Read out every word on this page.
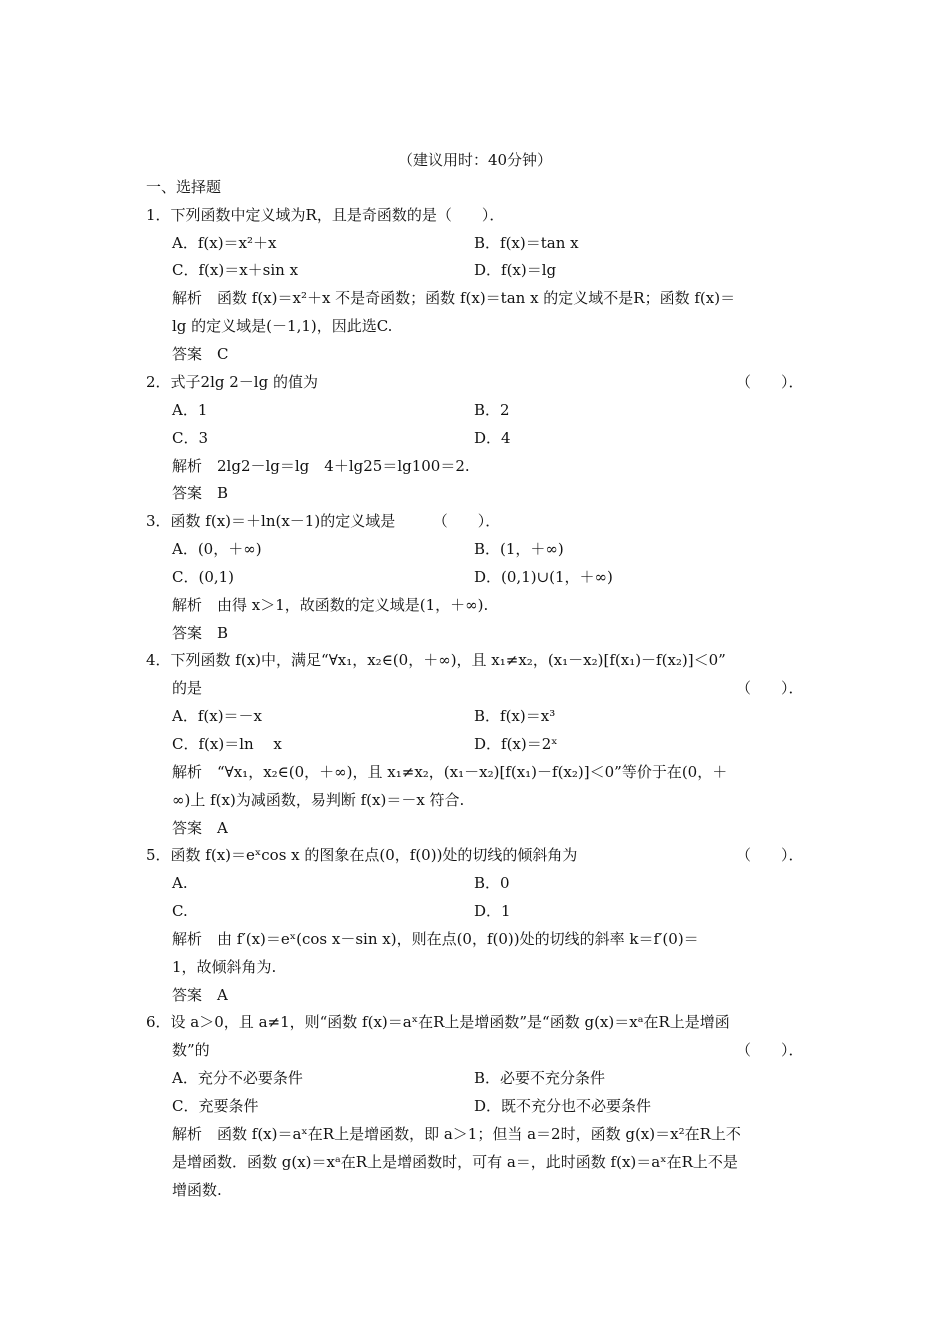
（建议用时：40分钟）
一、选择题
1．下列函数中定义域为R，且是奇函数的是（　　）．
A．f(x)＝x²＋x	B．f(x)＝tan x
C．f(x)＝x＋sin x	D．f(x)＝lg
解析　函数 f(x)＝x²＋x 不是奇函数；函数 f(x)＝tan x 的定义域不是R；函数 f(x)＝
lg 的定义域是(－1,1)，因此选C.
答案　C
2．式子2lg 2－lg 的值为	（　　）．
A．1	B．2
C．3	D．4
解析　2lg2－lg＝lg　4＋lg25＝lg100＝2.
答案　B
3．函数 f(x)＝＋ln(x－1)的定义域是　　　（　　）．
A．(0，＋∞)	B．(1，＋∞)
C．(0,1)	D．(0,1)∪(1，＋∞)
解析　由得 x＞1，故函数的定义域是(1，＋∞).
答案　B
4．下列函数 f(x)中，满足“∀x₁，x₂∈(0，＋∞)，且 x₁≠x₂，(x₁－x₂)[f(x₁)－f(x₂)]＜0”
的是	（　　）．
A．f(x)＝－x	B．f(x)＝x³
C．f(x)＝ln　 x	D．f(x)＝2ˣ
解析　“∀x₁，x₂∈(0，＋∞)，且 x₁≠x₂，(x₁－x₂)[f(x₁)－f(x₂)]＜0”等价于在(0，＋
∞)上 f(x)为减函数，易判断 f(x)＝－x 符合.
答案　A
5．函数 f(x)＝eˣcos x 的图象在点(0，f(0))处的切线的倾斜角为	（　　）．
A.	B．0
C.	D．1
解析　由 f′(x)＝eˣ(cos x－sin x)，则在点(0，f(0))处的切线的斜率 k＝f′(0)＝
1，故倾斜角为.
答案　A
6．设 a＞0，且 a≠1，则“函数 f(x)＝aˣ在R上是增函数”是“函数 g(x)＝xᵃ在R上是增函
数”的	（　　）．
A．充分不必要条件	B．必要不充分条件
C．充要条件	D．既不充分也不必要条件
解析　函数 f(x)＝aˣ在R上是增函数，即 a＞1；但当 a＝2时，函数 g(x)＝x²在R上不
是增函数．函数 g(x)＝xᵃ在R上是增函数时，可有 a＝，此时函数 f(x)＝aˣ在R上不是
增函数.
